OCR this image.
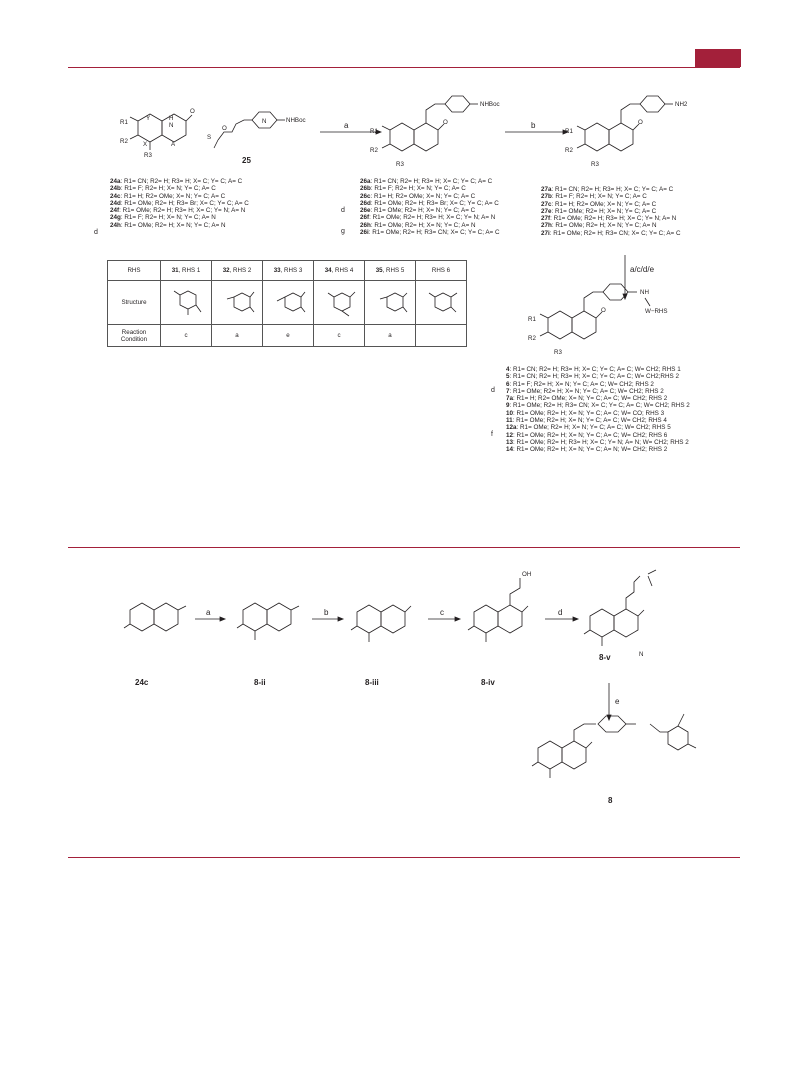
R1
R2
R3
Y
X
H
N
A
O
S
O
NHBoc
25
N	a
NHBoc
R1
R2
R3
O	b
NH2
R1
R2
R3
O
a/c/d/e
NH
W−RHS
R1
R2
R3
O
24a: R1= CN; R2= H; R3= H; X= C; Y= C; A= C
24b: R1= F; R2= H; X= N; Y= C; A= C
24c: R1= H; R2= OMe; X= N; Y= C; A= C
24d: R1= OMe; R2= H; R3= Br; X= C; Y= C; A= C
24f: R1= OMe; R2= H; R3= H; X= C; Y= N; A= N
24g: R1= F; R2= H; X= N; Y= C; A= N
24h: R1= OMe; R2= H; X= N; Y= C; A= N
d
26a: R1= CN; R2= H; R3= H; X= C; Y= C; A= C
26b: R1= F; R2= H; X= N; Y= C; A= C
26c: R1= H; R2= OMe; X= N; Y= C; A= C
26d: R1= OMe; R2= H; R3= Br; X= C; Y= C; A= C
26e: R1= OMe; R2= H; X= N; Y= C; A= C
26f: R1= OMe; R2= H; R3= H; X= C; Y= N; A= N
26h: R1= OMe; R2= H; X= N; Y= C; A= N
26i: R1= OMe; R2= H; R3= CN; X= C; Y= C; A= C
d
g
27a: R1= CN; R2= H; R3= H; X= C; Y= C; A= C
27b: R1= F; R2= H; X= N; Y= C; A= C
27c: R1= H; R2= OMe; X= N; Y= C; A= C
27e: R1= OMe; R2= H; X= N; Y= C; A= C
27f: R1= OMe; R2= H; R3= H; X= C; Y= N; A= N
27h: R1= OMe; R2= H; X= N; Y= C; A= N
27i: R1= OMe; R2= H; R3= CN; X= C; Y= C; A= C
4: R1= CN; R2= H; R3= H; X= C; Y= C; A= C; W= CH2; RHS 1
5: R1= CN; R2= H; R3= H; X= C; Y= C; A= C; W= CH2;RHS 2
6: R1= F; R2= H; X= N; Y= C; A= C; W= CH2; RHS 2
7: R1= OMe; R2= H; X= N; Y= C; A= C; W= CH2; RHS 2
7a: R1= H; R2= OMe; X= N; Y= C; A= C; W= CH2; RHS 2
9: R1= OMe; R2= H; R3= CN; X= C; Y= C; A= C; W= CH2; RHS 2
10: R1= OMe; R2= H; X= N; Y= C; A= C; W= CO; RHS 3
11: R1= OMe; R2= H; X= N; Y= C; A= C; W= CH2; RHS 4
12a: R1= OMe; R2= H; X= N; Y= C; A= C; W= CH2; RHS 5
12: R1= OMe; R2= H; X= N; Y= C; A= C; W= CH2; RHS 6
13: R1= OMe; R2= H; R3= H; X= C; Y= N; A= N; W= CH2; RHS 2
14: R1= OMe; R2= H; X= N; Y= C; A= N; W= CH2; RHS 2
d
f
RHS	31, RHS 1	32, RHS 2	33, RHS 3	34, RHS 4	35, RHS 5	RHS 6
Structure	

Reaction Condition	c	a	e	c	a	
a	b	c	d
e
OH
N
24c	8-ii	8-iii	8-iv
8-v
8
